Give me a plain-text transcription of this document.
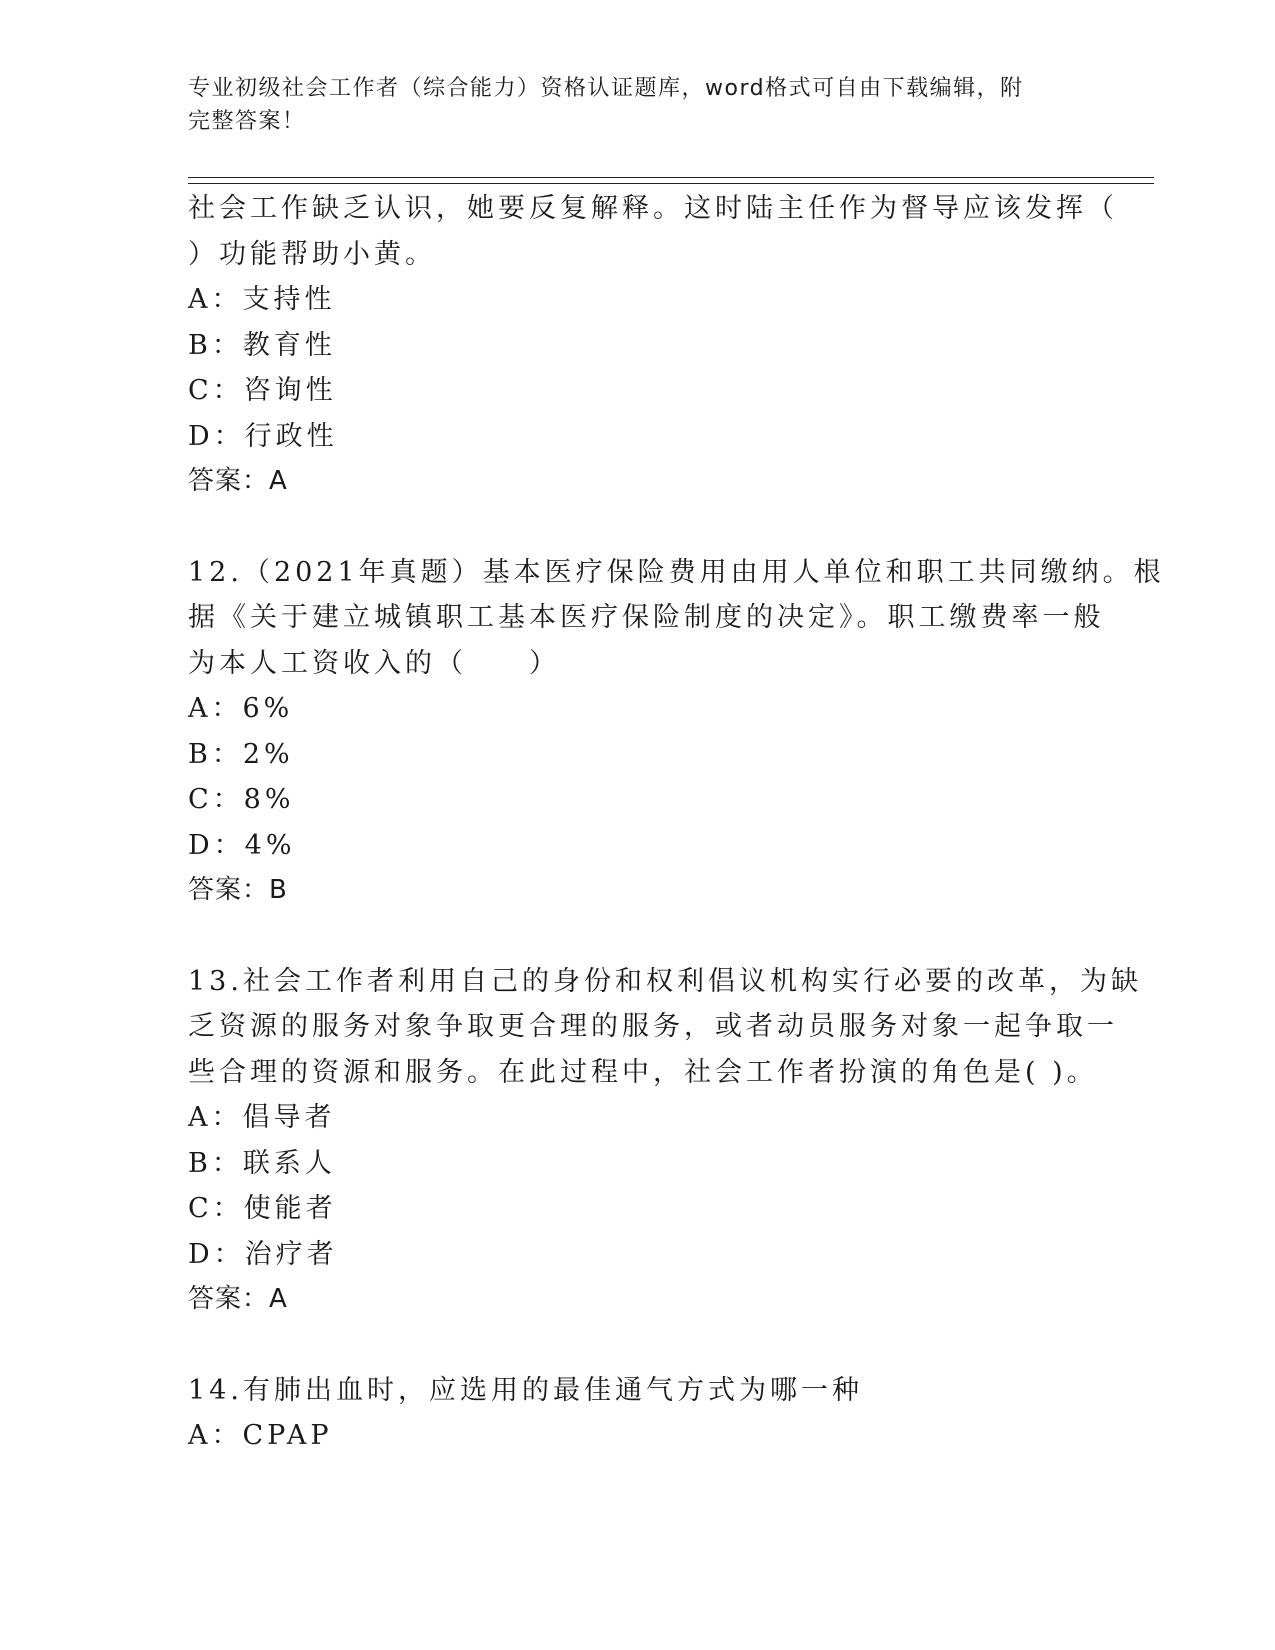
专业初级社会工作者（综合能力）资格认证题库，word格式可自由下载编辑，附
完整答案！
社会工作缺乏认识，她要反复解释。这时陆主任作为督导应该发挥（
）功能帮助小黄。
A：支持性
B：教育性
C：咨询性
D：行政性
答案：A
12.（2021年真题）基本医疗保险费用由用人单位和职工共同缴纳。根
据《关于建立城镇职工基本医疗保险制度的决定》。职工缴费率一般
为本人工资收入的（　　）
A：6%
B：2%
C：8%
D：4%
答案：B
13.社会工作者利用自己的身份和权利倡议机构实行必要的改革，为缺
乏资源的服务对象争取更合理的服务，或者动员服务对象一起争取一
些合理的资源和服务。在此过程中，社会工作者扮演的角色是( )。
A：倡导者
B：联系人
C：使能者
D：治疗者
答案：A
14.有肺出血时，应选用的最佳通气方式为哪一种
A：CPAP
